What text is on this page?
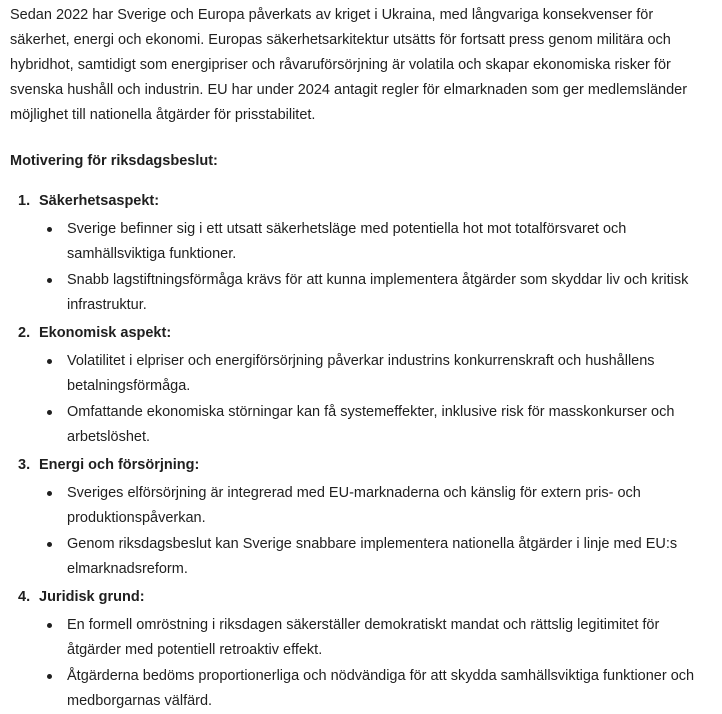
Sedan 2022 har Sverige och Europa påverkats av kriget i Ukraina, med långvariga konsekvenser för säkerhet, energi och ekonomi. Europas säkerhetsarkitektur utsätts för fortsatt press genom militära och hybridhot, samtidigt som energipriser och råvaruförsörjning är volatila och skapar ekonomiska risker för svenska hushåll och industrin. EU har under 2024 antagit regler för elmarknaden som ger medlemsländer möjlighet till nationella åtgärder för prisstabilitet.

Motivering för riksdagsbeslut:

1. Säkerhetsaspekt:
Sverige befinner sig i ett utsatt säkerhetsläge med potentiella hot mot totalförsvaret och samhällsviktiga funktioner.
Snabb lagstiftningsförmåga krävs för att kunna implementera åtgärder som skyddar liv och kritisk infrastruktur.
2. Ekonomisk aspekt:
Volatilitet i elpriser och energiförsörjning påverkar industrins konkurrenskraft och hushållens betalningsförmåga.
Omfattande ekonomiska störningar kan få systemeffekter, inklusive risk för masskonkurser och arbetslöshet.
3. Energi och försörjning:
Sveriges elförsörjning är integrerad med EU-marknaderna och känslig för extern pris- och produktionspåverkan.
Genom riksdagsbeslut kan Sverige snabbare implementera nationella åtgärder i linje med EU:s elmarknadsreform.
4. Juridisk grund:
En formell omröstning i riksdagen säkerställer demokratiskt mandat och rättslig legitimitet för åtgärder med potentiell retroaktiv effekt.
Åtgärderna bedöms proportionerliga och nödvändiga för att skydda samhällsviktiga funktioner och medborgarnas välfärd.
